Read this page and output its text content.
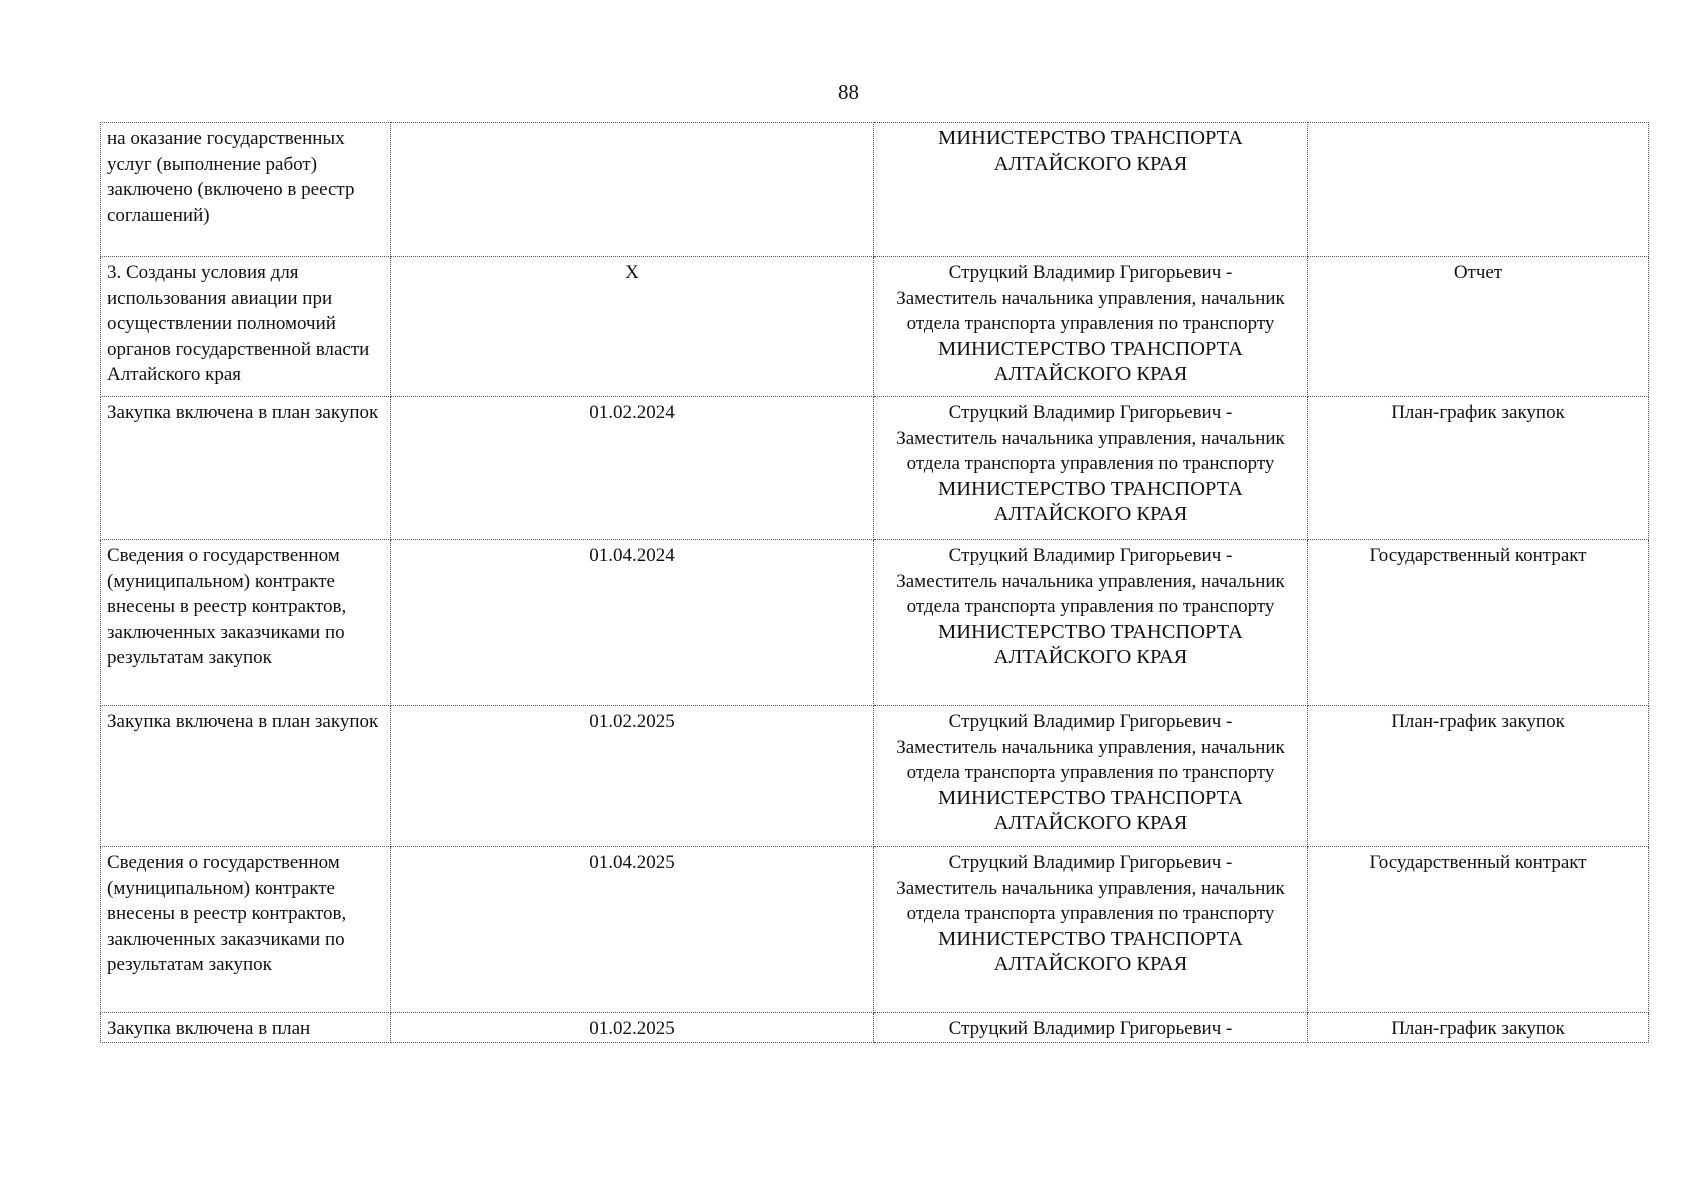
88
на оказание государственных услуг (выполнение работ) заключено (включено в реестр соглашений)		МИНИСТЕРСТВО ТРАНСПОРТА АЛТАЙСКОГО КРАЯ	

3. Созданы условия для использования авиации при осуществлении полномочий органов государственной власти Алтайского края	X	Струцкий Владимир Григорьевич -
Заместитель начальника управления, начальник отдела транспорта управления по транспорту
МИНИСТЕРСТВО ТРАНСПОРТА АЛТАЙСКОГО КРАЯ	Отчет
Закупка включена в план закупок	01.02.2024	Струцкий Владимир Григорьевич -
Заместитель начальника управления, начальник отдела транспорта управления по транспорту
МИНИСТЕРСТВО ТРАНСПОРТА АЛТАЙСКОГО КРАЯ	План-график закупок
Сведения о государственном (муниципальном) контракте внесены в реестр контрактов, заключенных заказчиками по результатам закупок	01.04.2024	Струцкий Владимир Григорьевич -
Заместитель начальника управления, начальник отдела транспорта управления по транспорту
МИНИСТЕРСТВО ТРАНСПОРТА АЛТАЙСКОГО КРАЯ	Государственный контракт
Закупка включена в план закупок	01.02.2025	Струцкий Владимир Григорьевич -
Заместитель начальника управления, начальник отдела транспорта управления по транспорту
МИНИСТЕРСТВО ТРАНСПОРТА АЛТАЙСКОГО КРАЯ	План-график закупок
Сведения о государственном (муниципальном) контракте внесены в реестр контрактов, заключенных заказчиками по результатам закупок	01.04.2025	Струцкий Владимир Григорьевич -
Заместитель начальника управления, начальник отдела транспорта управления по транспорту
МИНИСТЕРСТВО ТРАНСПОРТА АЛТАЙСКОГО КРАЯ	Государственный контракт
Закупка включена в план	01.02.2025	Струцкий Владимир Григорьевич -	План-график закупок
